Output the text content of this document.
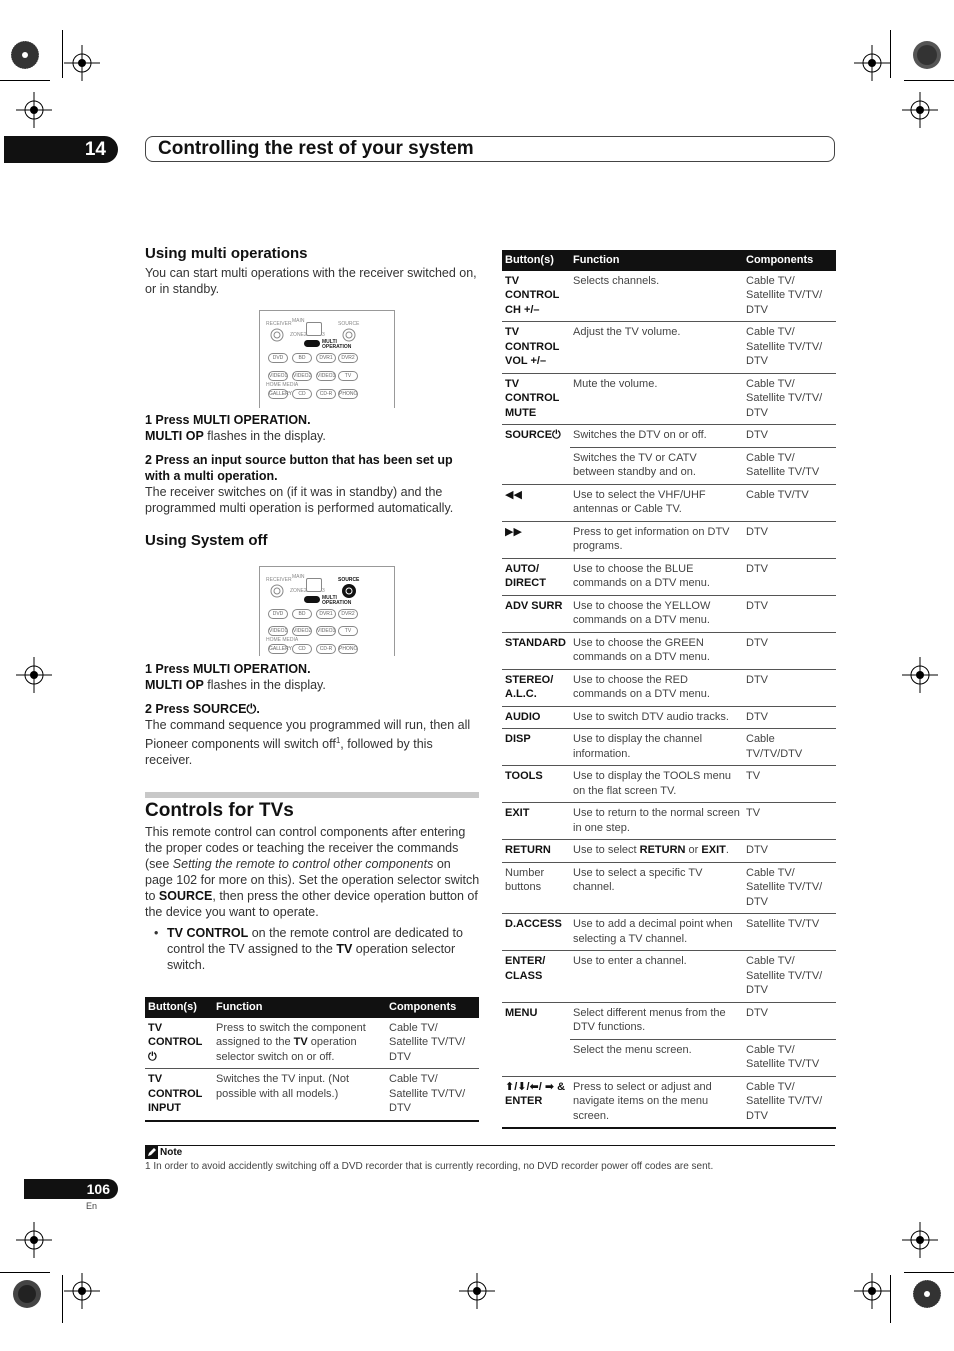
14	Controlling the rest of your system
Using multi operations
You can start multi operations with the receiver switched on, or in standby.
RECEIVER MAIN	SOURCE
ZONE2	3
MULTI
OPERATION
DVD	BD	DVR1	DVR2
VIDEO1 VIDEO2 VIDEO3	TV
HOME MEDIA
GALLERY	CD	CD-R	PHONO
1 Press MULTI OPERATION.
MULTI OP flashes in the display.
2 Press an input source button that has been set up with a multi operation.
The receiver switches on (if it was in standby) and the programmed multi operation is performed automatically.
Using System off
RECEIVER MAIN	SOURCE
ZONE2	3
MULTI
OPERATION
DVD	BD	DVR1	DVR2
VIDEO1 VIDEO2 VIDEO3	TV
HOME MEDIA
GALLERY	CD	CD-R	PHONO
1 Press MULTI OPERATION.
MULTI OP flashes in the display.
2 Press SOURCE⏻.
The command sequence you programmed will run, then all Pioneer components will switch off$^1$, followed by this receiver.
Controls for TVs
This remote control can control components after entering the proper codes or teaching the receiver the commands (see Setting the remote to control other components on page 102 for more on this). Set the operation selector switch to SOURCE, then press the other device operation button of the device you want to operate.
• TV CONTROL on the remote control are dedicated to control the TV assigned to the TV operation selector switch.
Button(s)	Function	Components
TV CONTROL ⏻	Press to switch the component assigned to the TV operation selector switch on or off.	Cable TV/ Satellite TV/TV/ DTV
TV CONTROL INPUT	Switches the TV input. (Not possible with all models.)	Cable TV/ Satellite TV/TV/ DTV
Button(s)	Function	Components
TV CONTROL CH +/–	Selects channels.	Cable TV/ Satellite TV/TV/ DTV
TV CONTROL VOL +/–	Adjust the TV volume.	Cable TV/ Satellite TV/TV/ DTV
TV CONTROL MUTE	Mute the volume.	Cable TV/ Satellite TV/TV/ DTV
SOURCE⏻	Switches the DTV on or off.	DTV
	Switches the TV or CATV between standby and on.	Cable TV/ Satellite TV/TV
◀◀	Use to select the VHF/UHF antennas or Cable TV.	Cable TV/TV
▶▶	Press to get information on DTV programs.	DTV
AUTO/ DIRECT	Use to choose the BLUE commands on a DTV menu.	DTV
ADV SURR	Use to choose the YELLOW commands on a DTV menu.	DTV
STANDARD	Use to choose the GREEN commands on a DTV menu.	DTV
STEREO/ A.L.C.	Use to choose the RED commands on a DTV menu.	DTV
AUDIO	Use to switch DTV audio tracks.	DTV
DISP	Use to display the channel information.	Cable TV/TV/DTV
TOOLS	Use to display the TOOLS menu on the flat screen TV.	TV
EXIT	Use to return to the normal screen in one step.	TV
RETURN	Use to select RETURN or EXIT.	DTV
Number buttons	Use to select a specific TV channel.	Cable TV/ Satellite TV/TV/ DTV
D.ACCESS	Use to add a decimal point when selecting a TV channel.	Satellite TV/TV
ENTER/ CLASS	Use to enter a channel.	Cable TV/ Satellite TV/TV/ DTV
MENU	Select different menus from the DTV functions.	DTV
	Select the menu screen.	Cable TV/ Satellite TV/TV
⬆/⬇/⬅/ ➡ & ENTER	Press to select or adjust and navigate items on the menu screen.	Cable TV/ Satellite TV/TV/ DTV
Note
1 In order to avoid accidently switching off a DVD recorder that is currently recording, no DVD recorder power off codes are sent.
106
En
